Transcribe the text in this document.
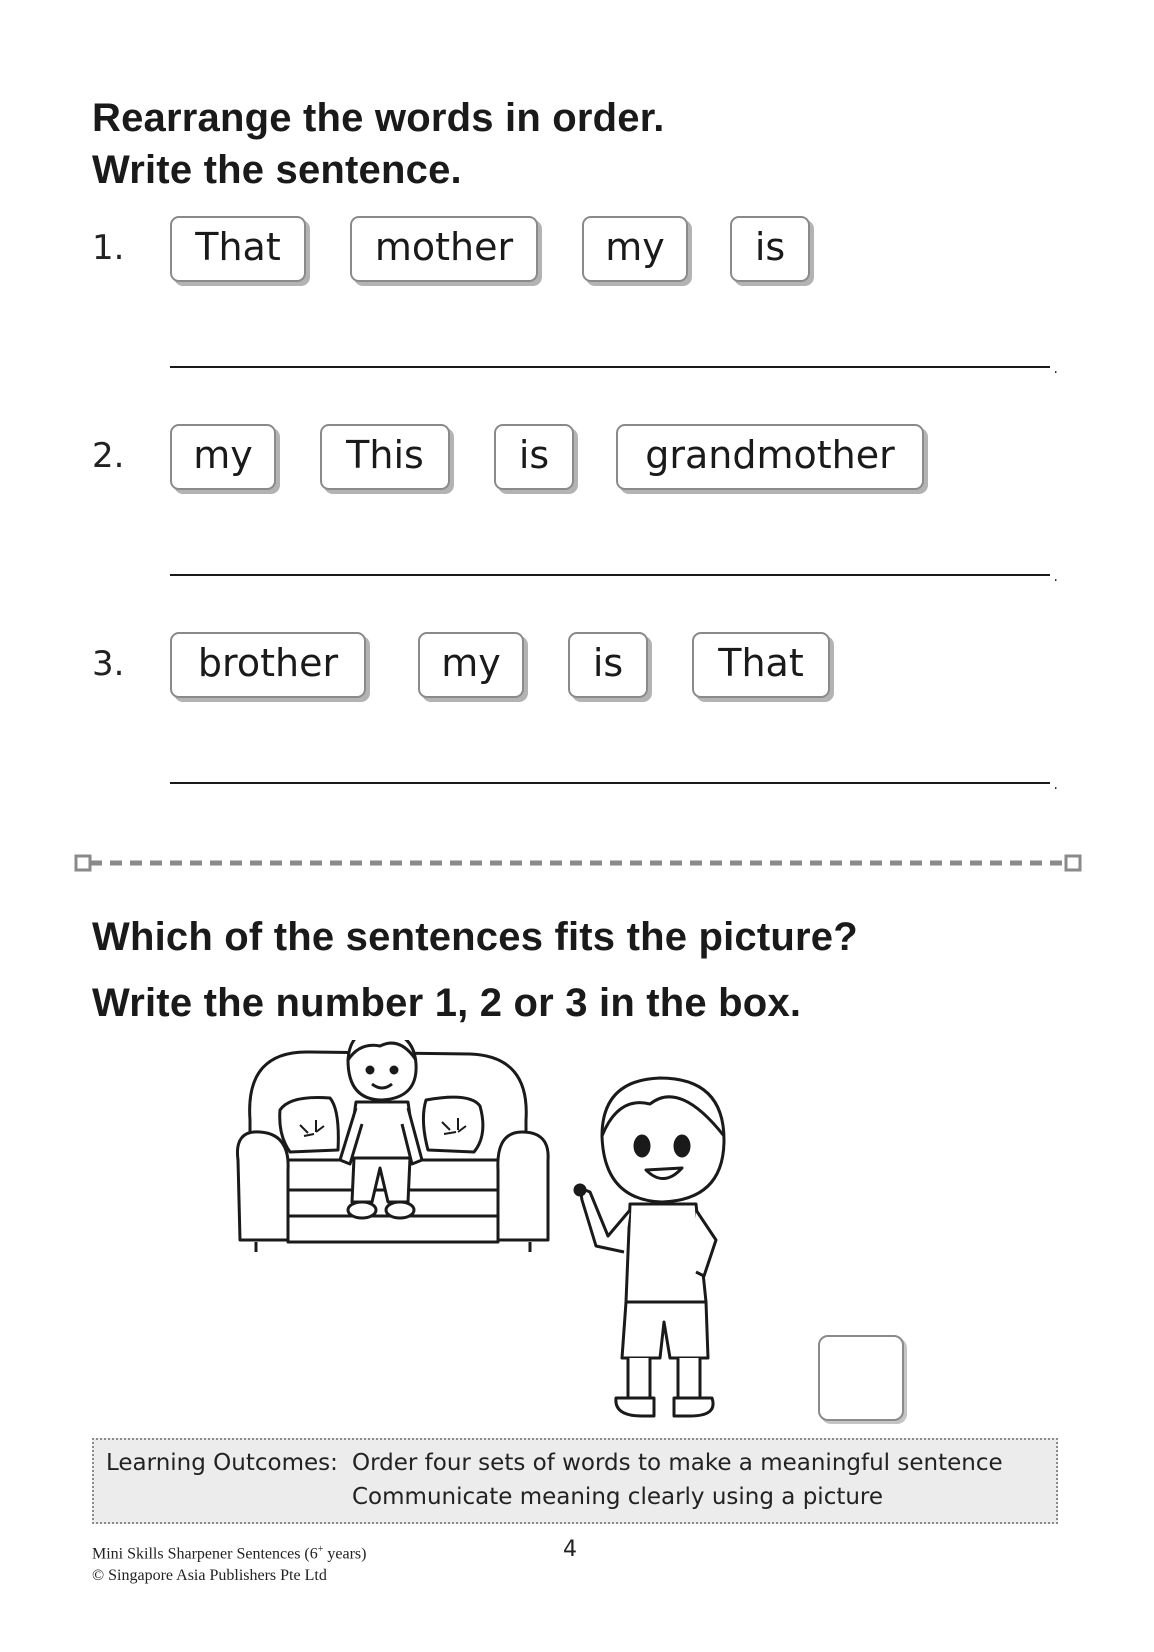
Rearrange the words in order.
Write the sentence.
1.	That	mother	my	is
.
2.	my	This	is	grandmother
.
3.	brother	my	is	That
.
Which of the sentences fits the picture?
Write the number 1, 2 or 3 in the box.
Learning Outcomes: Order four sets of words to make a meaningful sentence
Communicate meaning clearly using a picture
Mini Skills Sharpener Sentences (6+ years)
© Singapore Asia Publishers Pte Ltd
4
